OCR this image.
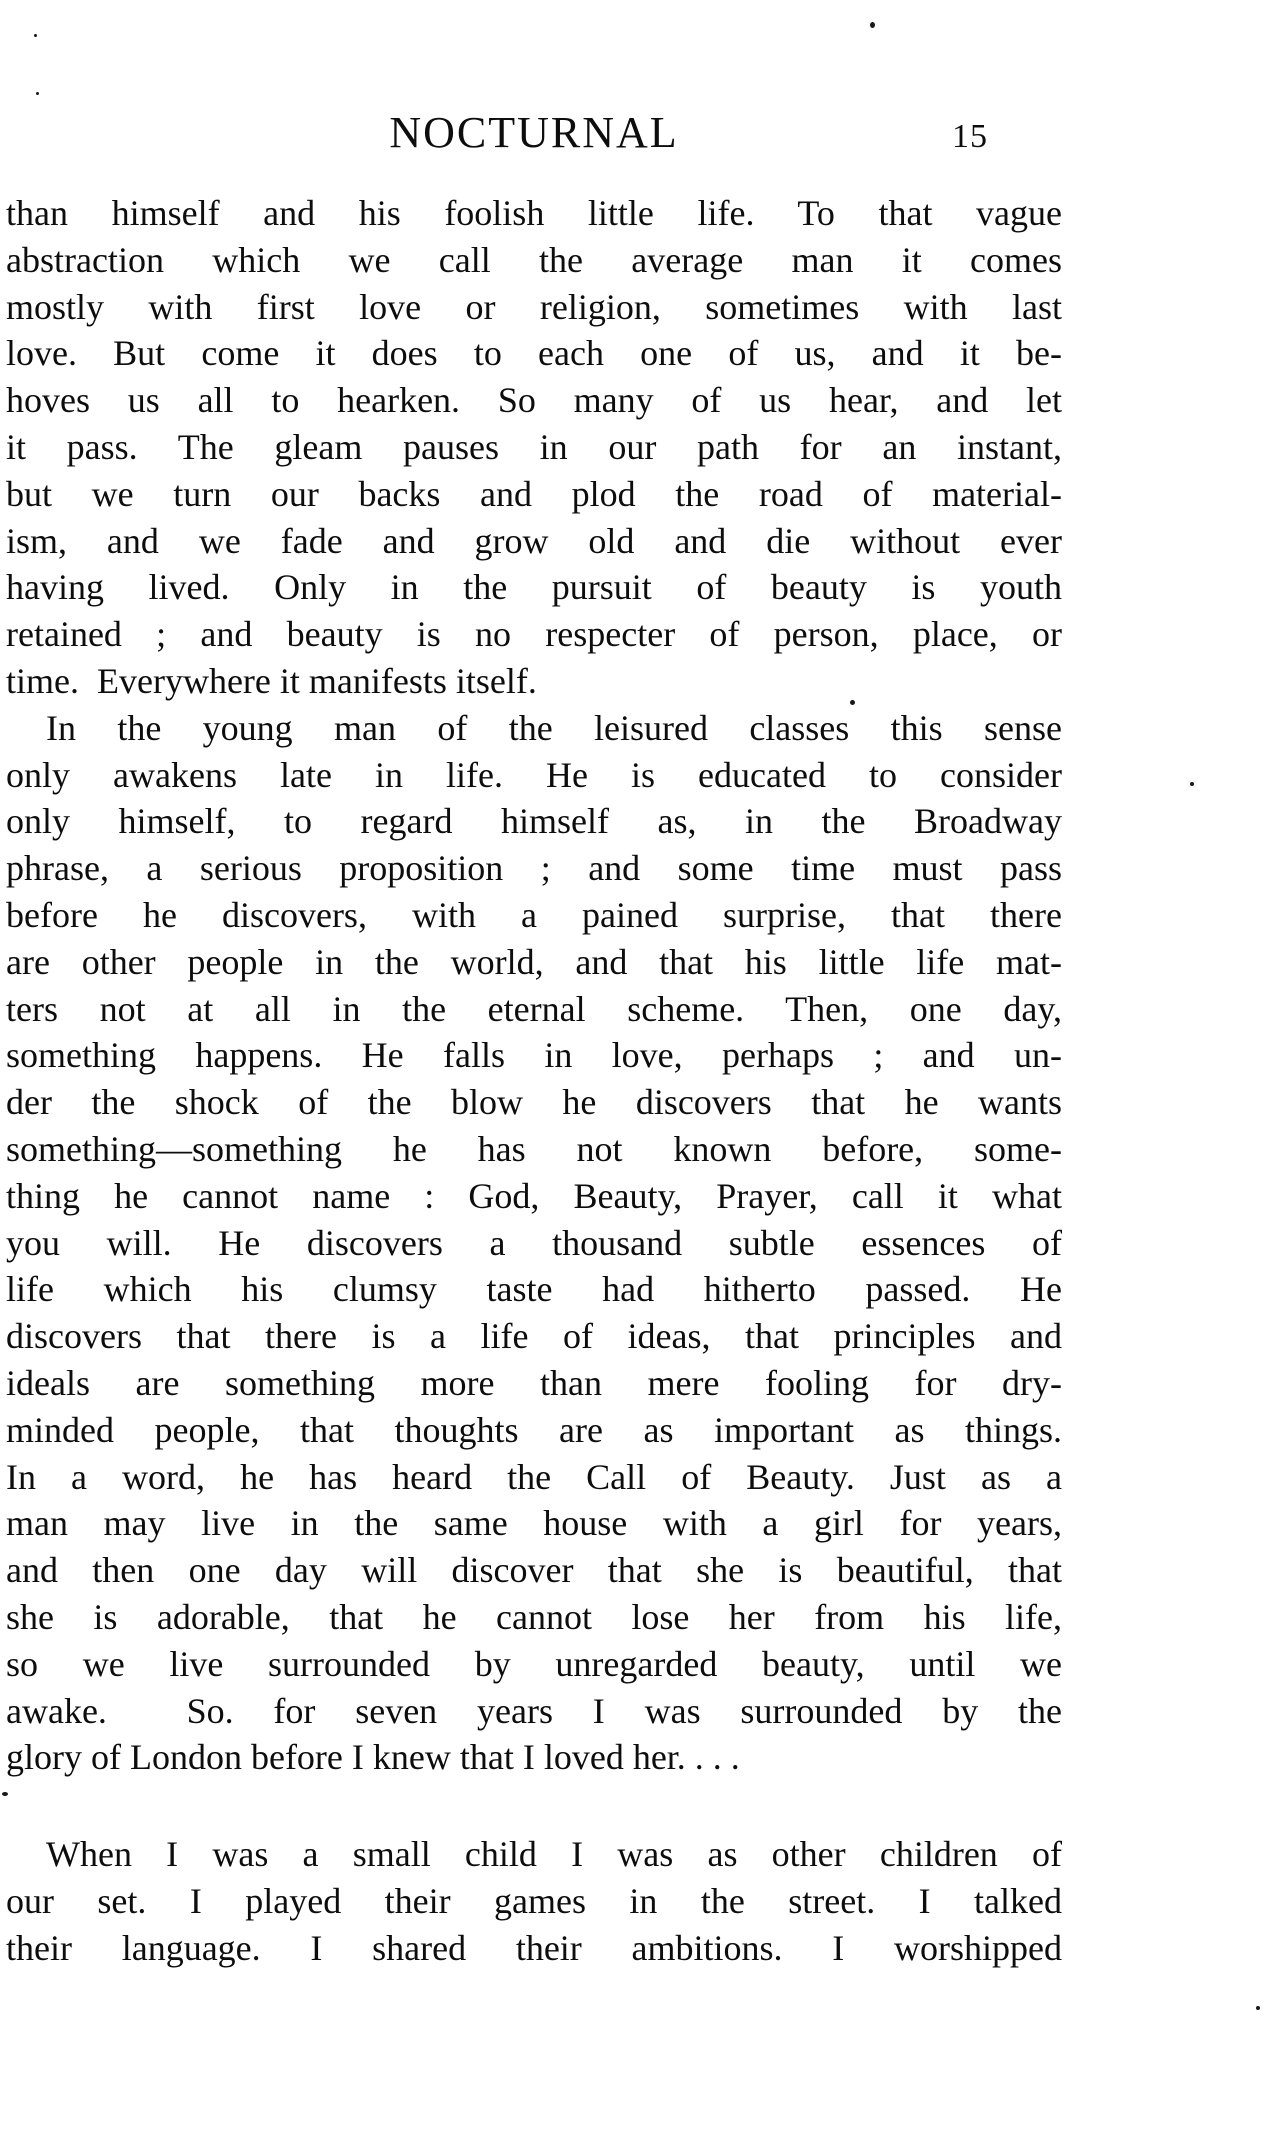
NOCTURNAL	15
than himself and his foolish little life. To that vague
abstraction which we call the average man it comes
mostly with first love or religion, sometimes with last
love. But come it does to each one of us, and it be-
hoves us all to hearken. So many of us hear, and let
it pass. The gleam pauses in our path for an instant,
but we turn our backs and plod the road of material-
ism, and we fade and grow old and die without ever
having lived. Only in the pursuit of beauty is youth
retained ; and beauty is no respecter of person, place, or
time.  Everywhere it manifests itself.
In the young man of the leisured classes this sense
only awakens late in life. He is educated to consider
only himself, to regard himself as, in the Broadway
phrase, a serious proposition ; and some time must pass
before he discovers, with a pained surprise, that there
are other people in the world, and that his little life mat-
ters not at all in the eternal scheme. Then, one day,
something happens. He falls in love, perhaps ; and un-
der the shock of the blow he discovers that he wants
something—something he has not known before, some-
thing he cannot name : God, Beauty, Prayer, call it what
you will. He discovers a thousand subtle essences of
life which his clumsy taste had hitherto passed. He
discovers that there is a life of ideas, that principles and
ideals are something more than mere fooling for dry-
minded people, that thoughts are as important as things.
In a word, he has heard the Call of Beauty. Just as a
man may live in the same house with a girl for years,
and then one day will discover that she is beautiful, that
she is adorable, that he cannot lose her from his life,
so we live surrounded by unregarded beauty, until we
awake.  So. for seven years I was surrounded by the
glory of London before I knew that I loved her. . . .
When I was a small child I was as other children of
our set. I played their games in the street. I talked
their language. I shared their ambitions. I worshipped
